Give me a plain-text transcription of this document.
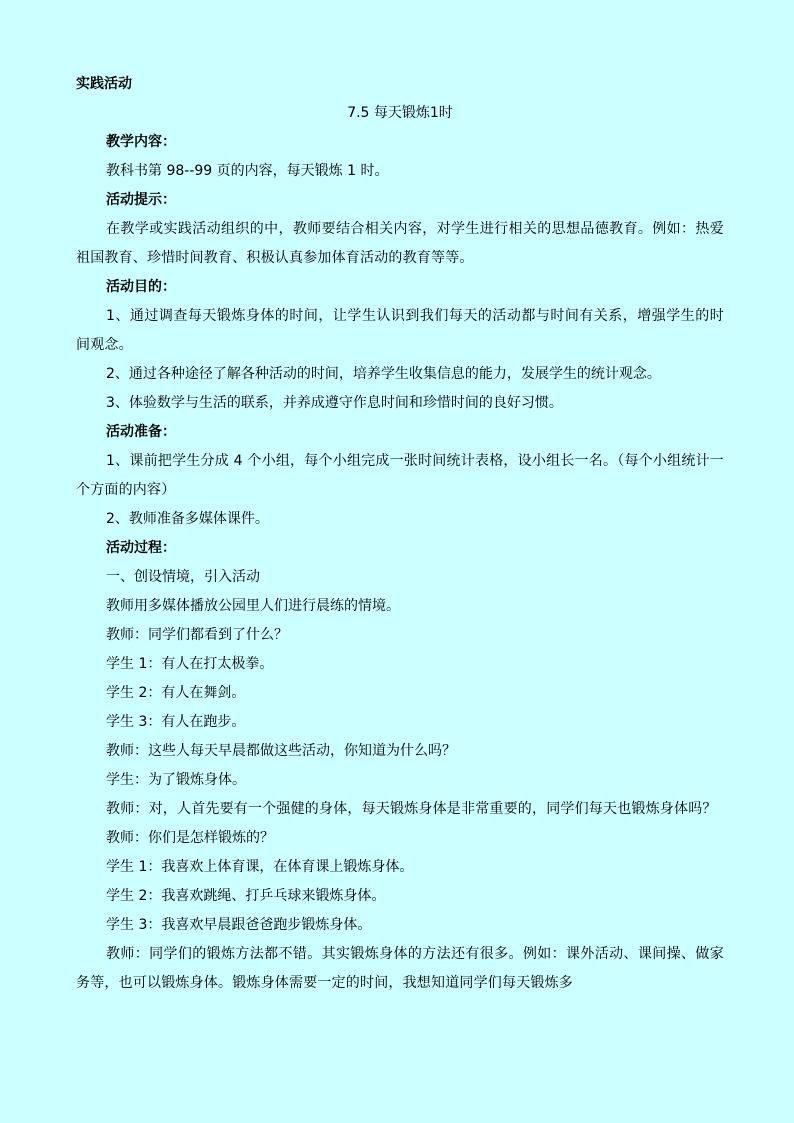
实践活动
7.5 每天锻炼1时
教学内容：
教科书第 98--99 页的内容，每天锻炼 1 时。
活动提示：
在教学或实践活动组织的中，教师要结合相关内容，对学生进行相关的思想品德教育。例如：热爱祖国教育、珍惜时间教育、积极认真参加体育活动的教育等等。
活动目的：
1、通过调查每天锻炼身体的时间，让学生认识到我们每天的活动都与时间有关系，增强学生的时间观念。
2、通过各种途径了解各种活动的时间，培养学生收集信息的能力，发展学生的统计观念。
3、体验数学与生活的联系，并养成遵守作息时间和珍惜时间的良好习惯。
活动准备：
1、课前把学生分成 4 个小组，每个小组完成一张时间统计表格，设小组长一名。（每个小组统计一个方面的内容）
2、教师准备多媒体课件。
活动过程：
一、创设情境，引入活动
教师用多媒体播放公园里人们进行晨练的情境。
教师：同学们都看到了什么？
学生 1：有人在打太极拳。
学生 2：有人在舞剑。
学生 3：有人在跑步。
教师：这些人每天早晨都做这些活动，你知道为什么吗？
学生：为了锻炼身体。
教师：对，人首先要有一个强健的身体，每天锻炼身体是非常重要的，同学们每天也锻炼身体吗？
教师：你们是怎样锻炼的？
学生 1：我喜欢上体育课，在体育课上锻炼身体。
学生 2：我喜欢跳绳、打乒乓球来锻炼身体。
学生 3：我喜欢早晨跟爸爸跑步锻炼身体。
教师：同学们的锻炼方法都不错。其实锻炼身体的方法还有很多。例如：课外活动、课间操、做家务等，也可以锻炼身体。锻炼身体需要一定的时间，我想知道同学们每天锻炼多
